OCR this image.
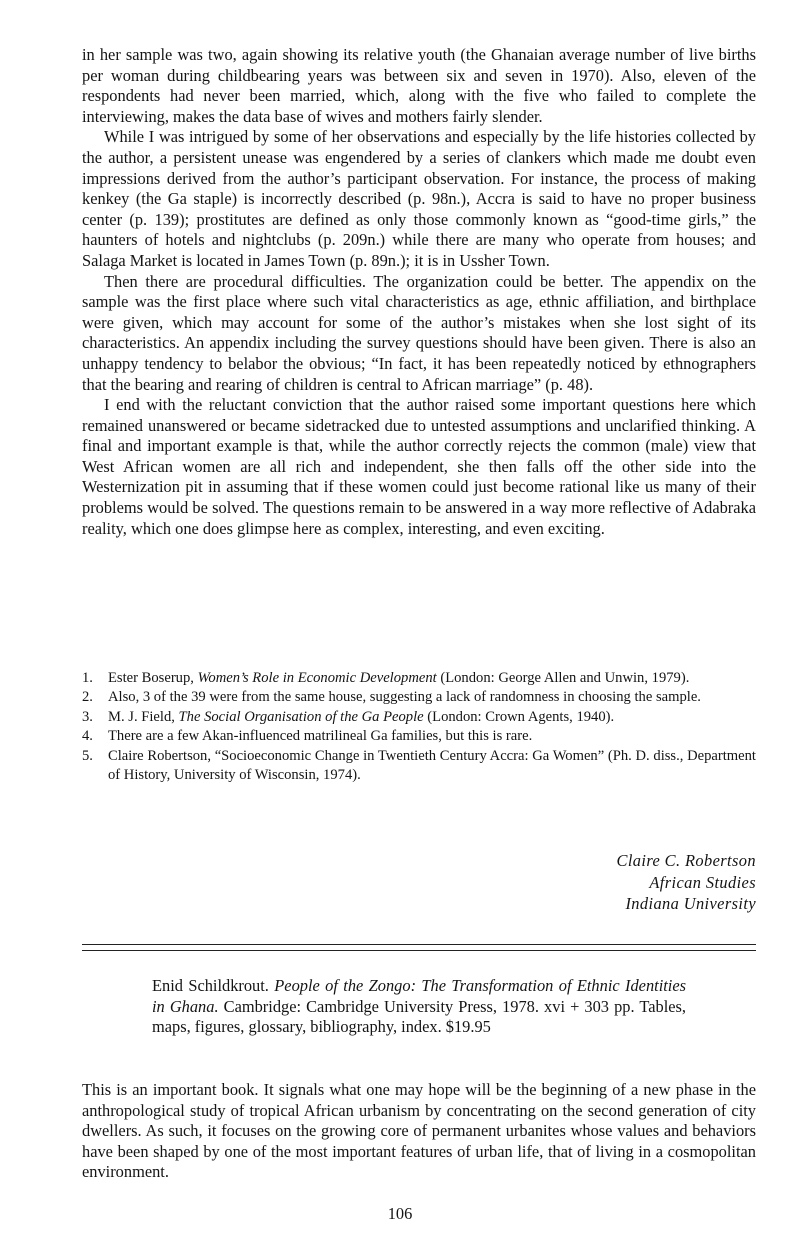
in her sample was two, again showing its relative youth (the Ghanaian average number of live births per woman during childbearing years was between six and seven in 1970). Also, eleven of the respondents had never been married, which, along with the five who failed to complete the interviewing, makes the data base of wives and mothers fairly slender.

While I was intrigued by some of her observations and especially by the life histories collected by the author, a persistent unease was engendered by a series of clankers which made me doubt even impressions derived from the author’s participant observation. For instance, the process of making kenkey (the Ga staple) is incorrectly described (p. 98n.), Accra is said to have no proper business center (p. 139); prostitutes are defined as only those commonly known as “good-time girls,” the haunters of hotels and nightclubs (p. 209n.) while there are many who operate from houses; and Salaga Market is located in James Town (p. 89n.); it is in Ussher Town.

Then there are procedural difficulties. The organization could be better. The appendix on the sample was the first place where such vital characteristics as age, ethnic affiliation, and birthplace were given, which may account for some of the author’s mistakes when she lost sight of its characteristics. An appendix including the survey questions should have been given. There is also an unhappy tendency to belabor the obvious; “In fact, it has been repeatedly noticed by ethnographers that the bearing and rearing of children is central to African marriage” (p. 48).

I end with the reluctant conviction that the author raised some important questions here which remained unanswered or became sidetracked due to untested assumptions and unclarified thinking. A final and important example is that, while the author correctly rejects the common (male) view that West African women are all rich and independent, she then falls off the other side into the Westernization pit in assuming that if these women could just become rational like us many of their problems would be solved. The questions remain to be answered in a way more reflective of Adabraka reality, which one does glimpse here as complex, interesting, and even exciting.

1. Ester Boserup, Women’s Role in Economic Development (London: George Allen and Unwin, 1979).
2. Also, 3 of the 39 were from the same house, suggesting a lack of randomness in choosing the sample.
3. M. J. Field, The Social Organisation of the Ga People (London: Crown Agents, 1940).
4. There are a few Akan-influenced matrilineal Ga families, but this is rare.
5. Claire Robertson, “Socioeconomic Change in Twentieth Century Accra: Ga Women” (Ph. D. diss., Department of History, University of Wisconsin, 1974).
Claire C. Robertson
African Studies
Indiana University
Enid Schildkrout. People of the Zongo: The Transformation of Ethnic Identities in Ghana. Cambridge: Cambridge University Press, 1978. xvi + 303 pp. Tables, maps, figures, glossary, bibliography, index. $19.95

This is an important book. It signals what one may hope will be the beginning of a new phase in the anthropological study of tropical African urbanism by concentrating on the second generation of city dwellers. As such, it focuses on the growing core of permanent urbanites whose values and behaviors have been shaped by one of the most important features of urban life, that of living in a cosmopolitan environment.

106
